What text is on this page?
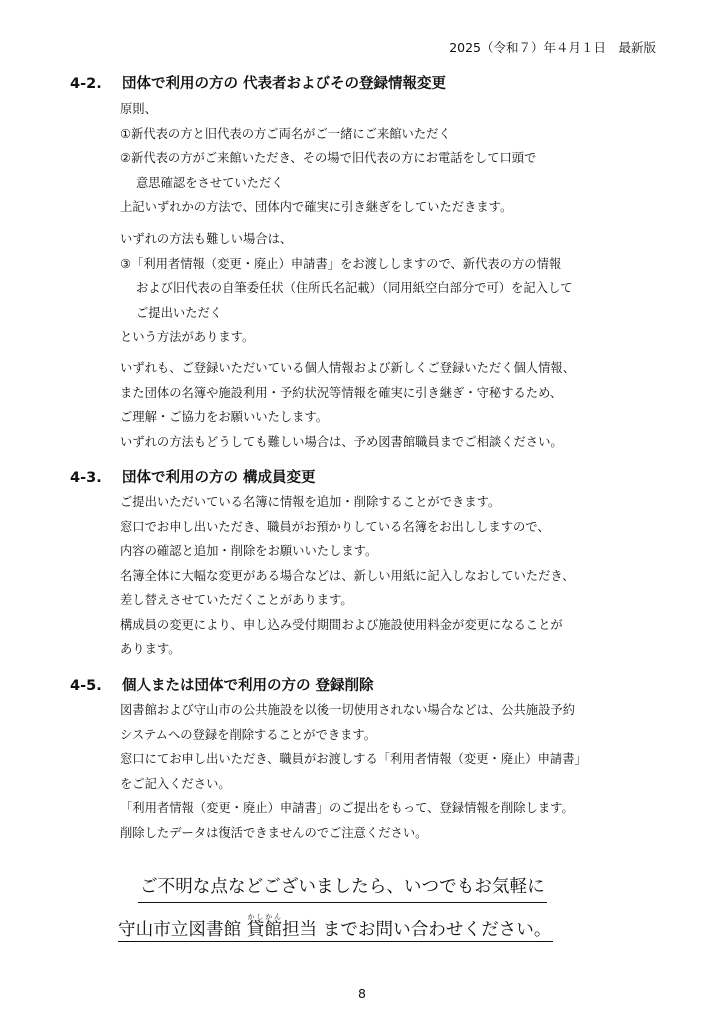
2025（令和７）年４月１日　最新版
4-2. 団体で利用の方の 代表者およびその登録情報変更
原則、
①新代表の方と旧代表の方ご両名がご一緒にご来館いただく
②新代表の方がご来館いただき、その場で旧代表の方にお電話をして口頭で
意思確認をさせていただく
上記いずれかの方法で、団体内で確実に引き継ぎをしていただきます。
いずれの方法も難しい場合は、
③「利用者情報（変更・廃止）申請書」をお渡ししますので、新代表の方の情報
および旧代表の自筆委任状（住所氏名記載）（同用紙空白部分で可）を記入して
ご提出いただく
という方法があります。
いずれも、ご登録いただいている個人情報および新しくご登録いただく個人情報、
また団体の名簿や施設利用・予約状況等情報を確実に引き継ぎ・守秘するため、
ご理解・ご協力をお願いいたします。
いずれの方法もどうしても難しい場合は、予め図書館職員までご相談ください。
4-3. 団体で利用の方の 構成員変更
ご提出いただいている名簿に情報を追加・削除することができます。
窓口でお申し出いただき、職員がお預かりしている名簿をお出ししますので、
内容の確認と追加・削除をお願いいたします。
名簿全体に大幅な変更がある場合などは、新しい用紙に記入しなおしていただき、
差し替えさせていただくことがあります。
構成員の変更により、申し込み受付期間および施設使用料金が変更になることが
あります。
4-5. 個人または団体で利用の方の 登録削除
図書館および守山市の公共施設を以後一切使用されない場合などは、公共施設予約
システムへの登録を削除することができます。
窓口にてお申し出いただき、職員がお渡しする「利用者情報（変更・廃止）申請書」
をご記入ください。
「利用者情報（変更・廃止）申請書」のご提出をもって、登録情報を削除します。
削除したデータは復活できませんのでご注意ください。
ご不明な点などございましたら、いつでもお気軽に
守山市立図書館 貸館かしかん担当 までお問い合わせください。
8
